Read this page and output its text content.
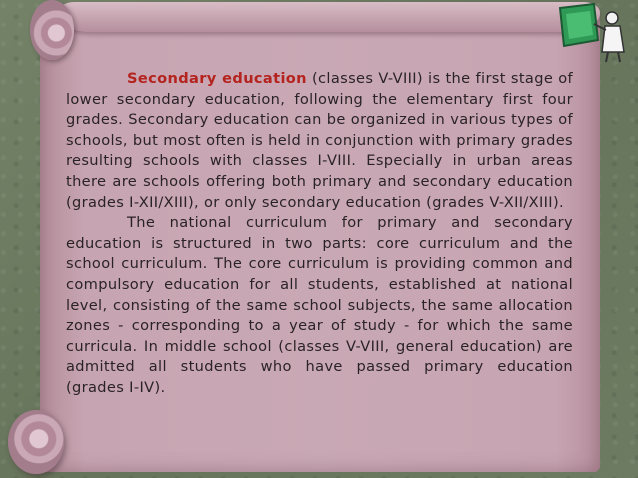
Secondary education (classes V-VIII) is the first stage of lower secondary education, following the elementary first four grades. Secondary education can be organized in various types of schools, but most often is held in conjunction with primary grades resulting schools with classes I-VIII. Especially in urban areas there are schools offering both primary and secondary education (grades I-XII/XIII), or only secondary education (grades V-XII/XIII).

The national curriculum for primary and secondary education is structured in two parts: core curriculum and the school curriculum. The core curriculum is providing common and compulsory education for all students, established at national level, consisting of the same school subjects, the same allocation zones - corresponding to a year of study - for which the same curricula. In middle school (classes V-VIII, general education) are admitted all students who have passed primary education (grades I-IV).
